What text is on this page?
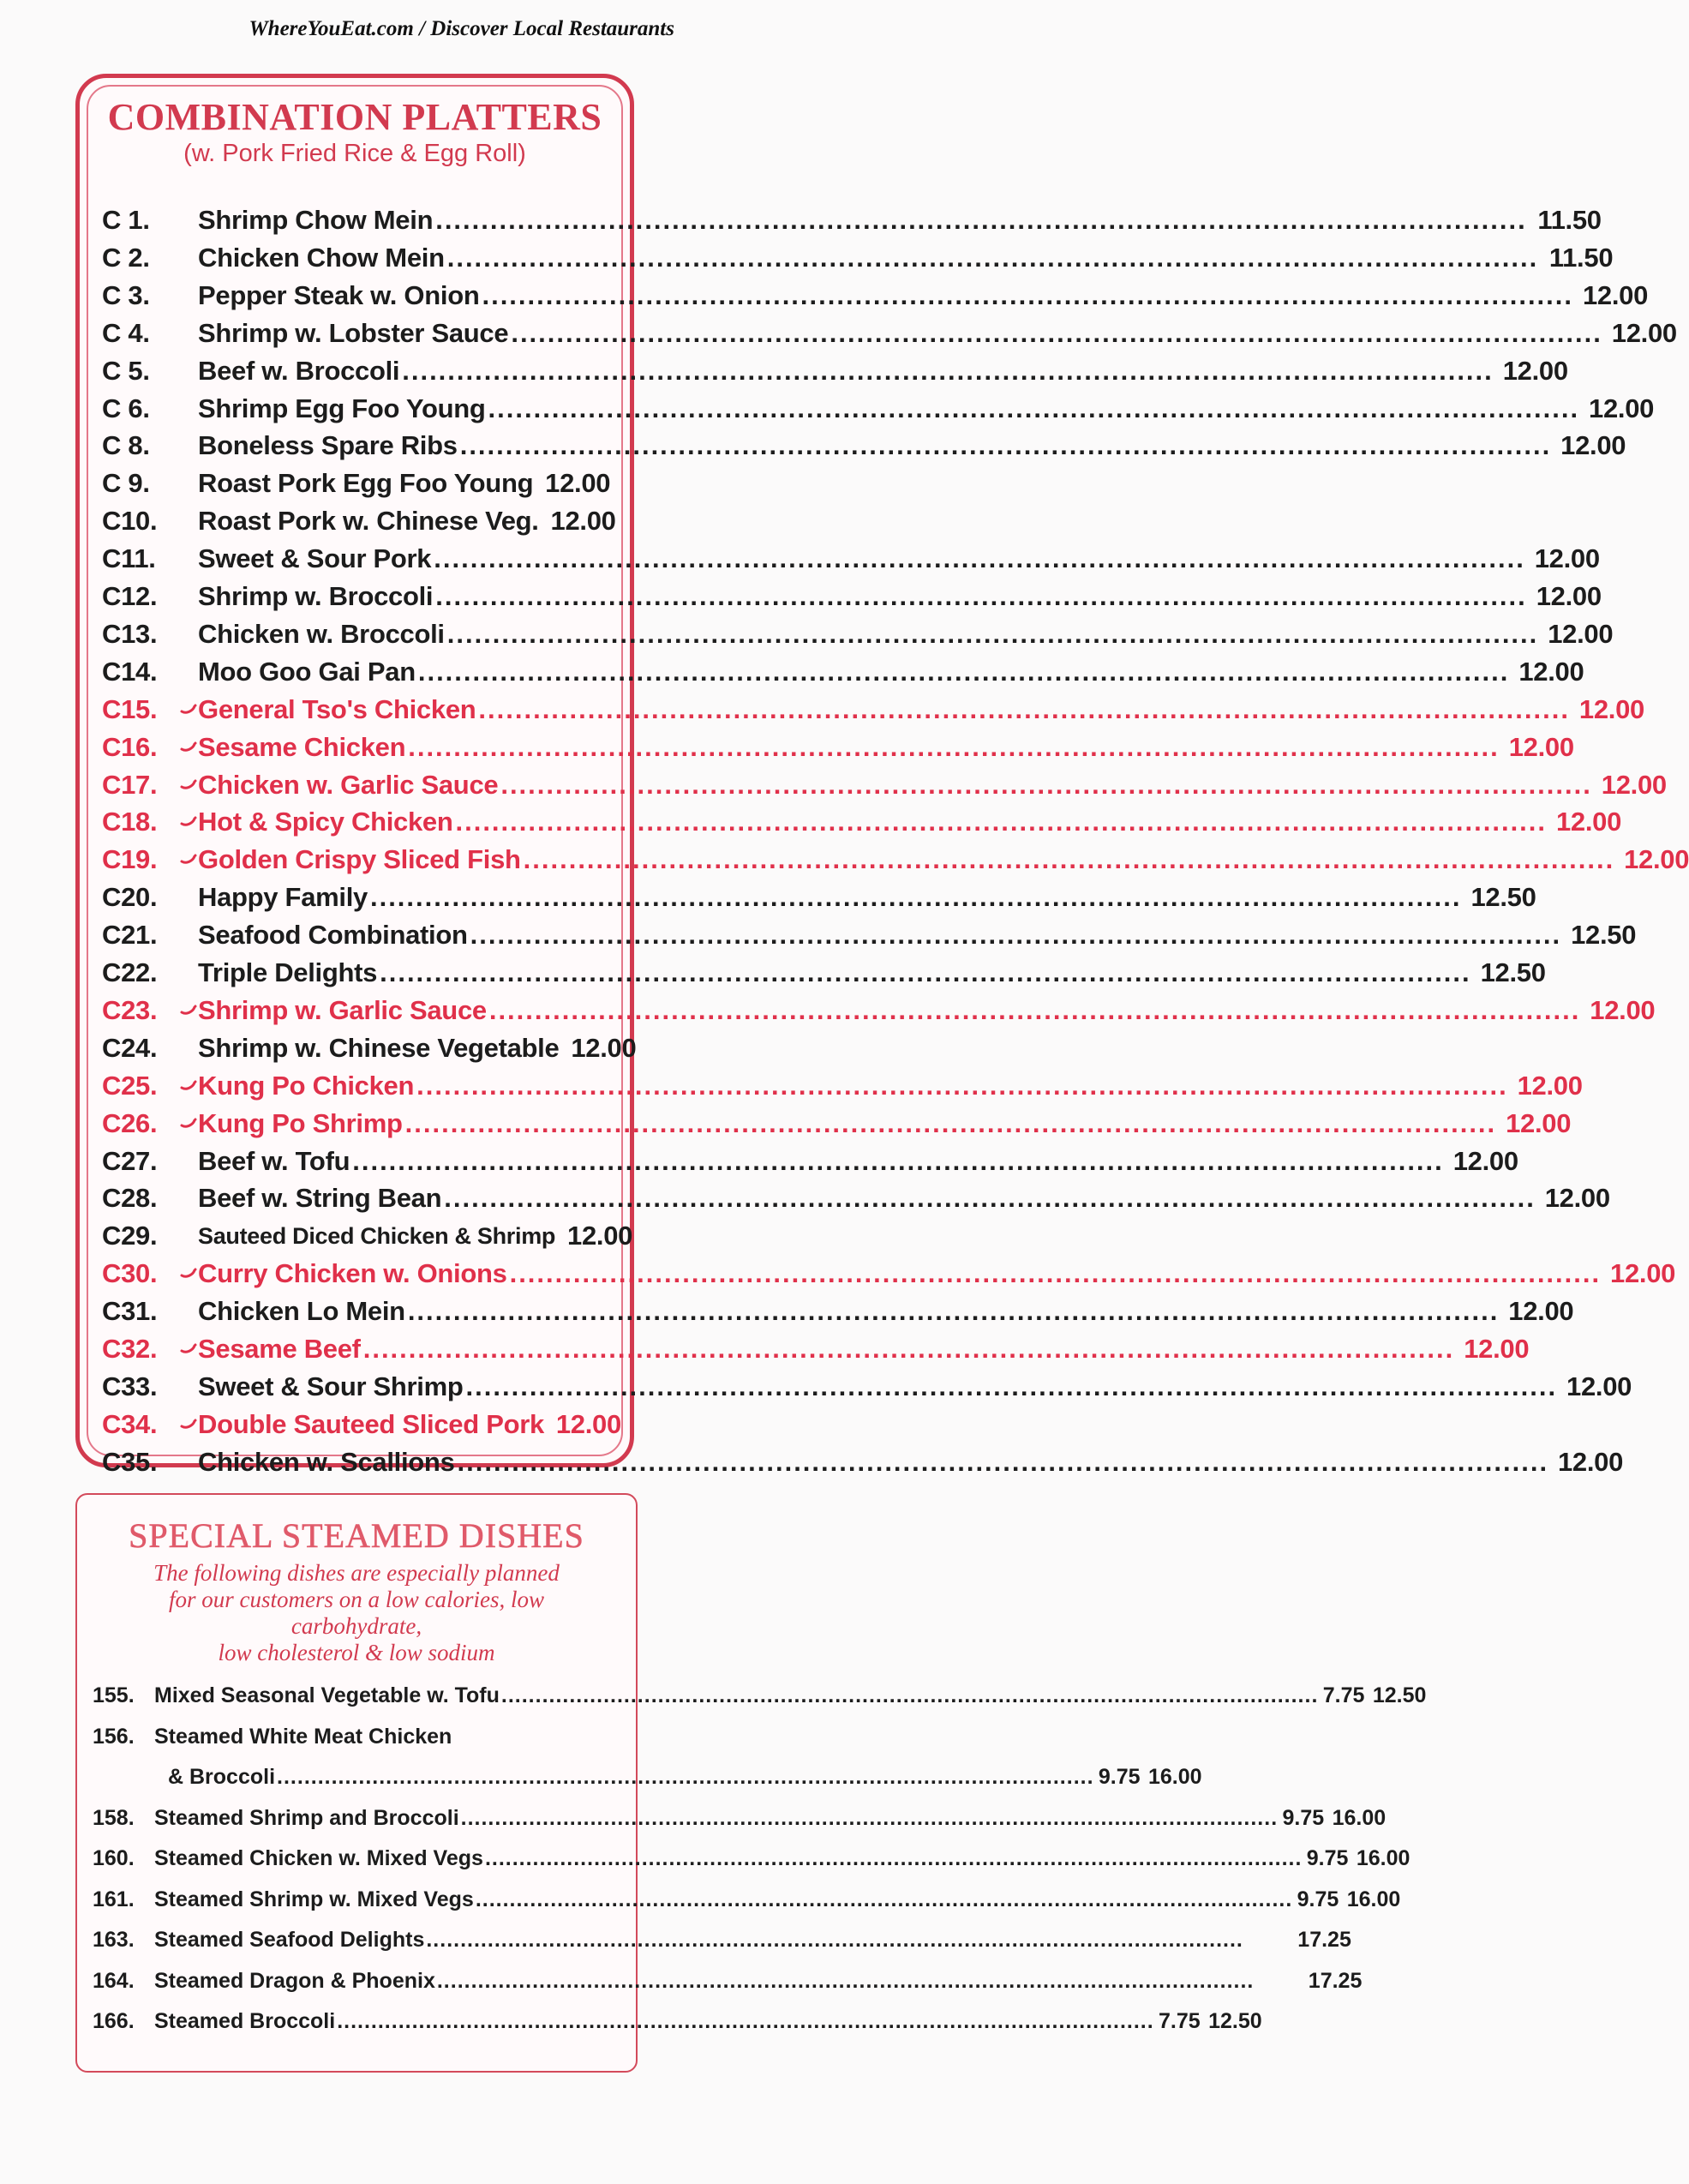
WhereYouEat.com / Discover Local Restaurants
COMBINATION PLATTERS
(w. Pork Fried Rice & Egg Roll)
C 1.	Shrimp Chow Mein ........................................................................................................................ 11.50
C 2.	Chicken Chow Mein ........................................................................................................................ 11.50
C 3.	Pepper Steak w. Onion ........................................................................................................................ 12.00
C 4.	Shrimp w. Lobster Sauce ........................................................................................................................ 12.00
C 5.	Beef w. Broccoli ........................................................................................................................ 12.00
C 6.	Shrimp Egg Foo Young ........................................................................................................................ 12.00
C 8.	Boneless Spare Ribs ........................................................................................................................ 12.00
C 9.	Roast Pork Egg Foo Young 12.00
C10.	Roast Pork w. Chinese Veg. 12.00
C11.	Sweet & Sour Pork ........................................................................................................................ 12.00
C12.	Shrimp w. Broccoli ........................................................................................................................ 12.00
C13.	Chicken w. Broccoli ........................................................................................................................ 12.00
C14.	Moo Goo Gai Pan ........................................................................................................................ 12.00
C15.	General Tso's Chicken ........................................................................................................................ 12.00
C16.	Sesame Chicken ........................................................................................................................ 12.00
C17.	Chicken w. Garlic Sauce ........................................................................................................................ 12.00
C18.	Hot & Spicy Chicken ........................................................................................................................ 12.00
C19.	Golden Crispy Sliced Fish ........................................................................................................................ 12.00
C20.	Happy Family ........................................................................................................................ 12.50
C21.	Seafood Combination ........................................................................................................................ 12.50
C22.	Triple Delights ........................................................................................................................ 12.50
C23.	Shrimp w. Garlic Sauce ........................................................................................................................ 12.00
C24.	Shrimp w. Chinese Vegetable 12.00
C25.	Kung Po Chicken ........................................................................................................................ 12.00
C26.	Kung Po Shrimp ........................................................................................................................ 12.00
C27.	Beef w. Tofu ........................................................................................................................ 12.00
C28.	Beef w. String Bean ........................................................................................................................ 12.00
C29.	Sauteed Diced Chicken & Shrimp 12.00
C30.	Curry Chicken w. Onions ........................................................................................................................ 12.00
C31.	Chicken Lo Mein ........................................................................................................................ 12.00
C32.	Sesame Beef ........................................................................................................................ 12.00
C33.	Sweet & Sour Shrimp ........................................................................................................................ 12.00
C34.	Double Sauteed Sliced Pork 12.00
C35.	Chicken w. Scallions ........................................................................................................................ 12.00
SPECIAL STEAMED DISHES
The following dishes are especially planned
for our customers on a low calories, low
carbohydrate,
low cholesterol & low sodium
155. Mixed Seasonal Vegetable w. Tofu ........................................................................................................................ 7.75 12.50
156. Steamed White Meat Chicken
& Broccoli ........................................................................................................................ 9.75 16.00
158. Steamed Shrimp and Broccoli ........................................................................................................................ 9.75 16.00
160. Steamed Chicken w. Mixed Vegs ........................................................................................................................ 9.75 16.00
161. Steamed Shrimp w. Mixed Vegs ........................................................................................................................ 9.75 16.00
163. Steamed Seafood Delights ........................................................................................................................	17.25
164. Steamed Dragon & Phoenix ........................................................................................................................	17.25
166. Steamed Broccoli ........................................................................................................................ 7.75 12.50
